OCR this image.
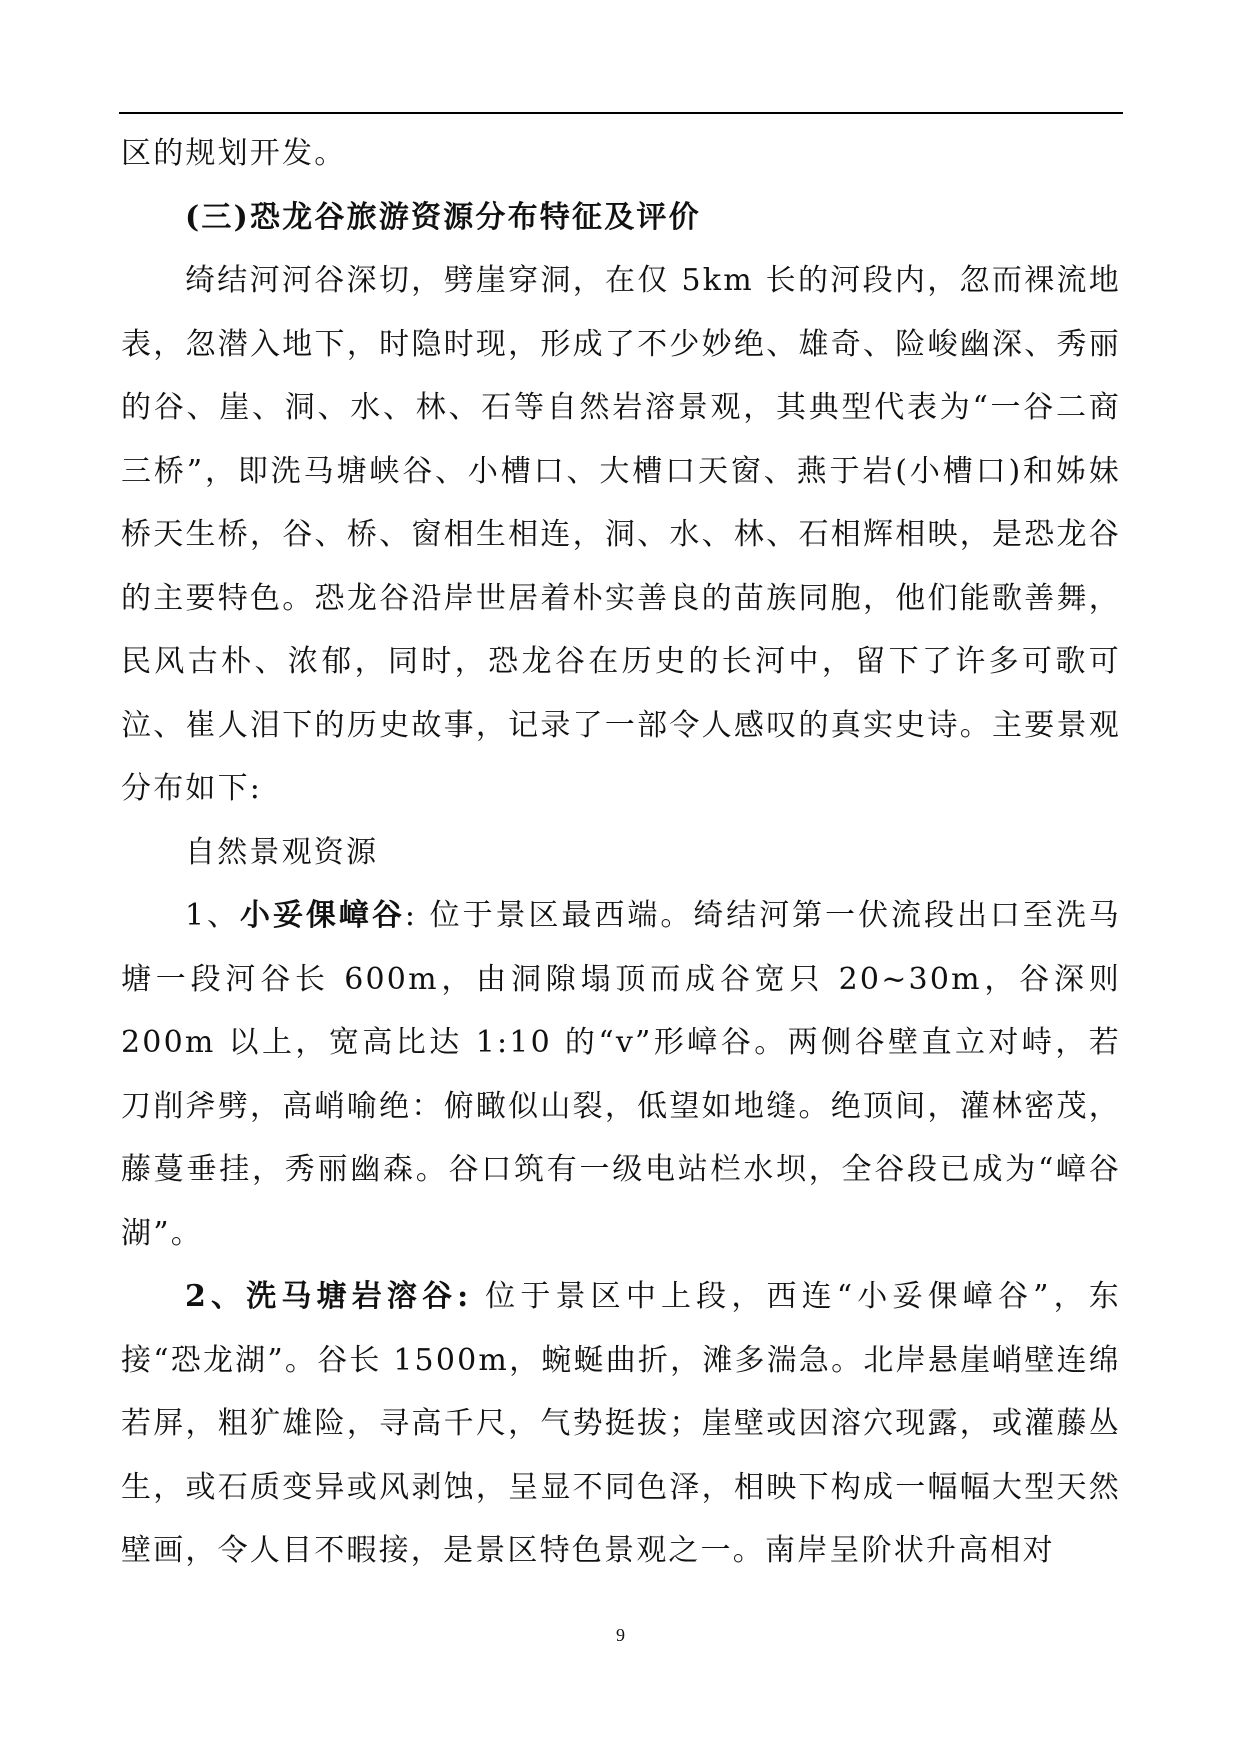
区的规划开发。

(三)恐龙谷旅游资源分布特征及评价

绮结河河谷深切，劈崖穿洞，在仅 5km 长的河段内，忽而裸流地表，忽潜入地下，时隐时现，形成了不少妙绝、雄奇、险峻幽深、秀丽的谷、崖、洞、水、林、石等自然岩溶景观，其典型代表为“一谷二商三桥”，即洗马塘峡谷、小槽口、大槽口天窗、燕于岩(小槽口)和姊妹桥天生桥，谷、桥、窗相生相连，洞、水、林、石相辉相映，是恐龙谷的主要特色。恐龙谷沿岸世居着朴实善良的苗族同胞，他们能歌善舞，民风古朴、浓郁，同时，恐龙谷在历史的长河中，留下了许多可歌可泣、崔人泪下的历史故事，记录了一部令人感叹的真实史诗。主要景观分布如下:

自然景观资源

1、小妥倮嶂谷: 位于景区最西端。绮结河第一伏流段出口至洗马塘一段河谷长 600m，由洞隙塌顶而成谷宽只 20~30m，谷深则 200m 以上，宽高比达 1:10 的“v”形嶂谷。两侧谷壁直立对峙，若刀削斧劈，高峭喻绝：俯瞰似山裂，低望如地缝。绝顶间，灌林密茂，藤蔓垂挂，秀丽幽森。谷口筑有一级电站栏水坝，全谷段已成为“嶂谷湖”。

2、洗马塘岩溶谷: 位于景区中上段，西连“小妥倮嶂谷”，东接“恐龙湖”。谷长 1500m，蜿蜒曲折，滩多湍急。北岸悬崖峭壁连绵若屏，粗犷雄险，寻高千尺，气势挺拔；崖壁或因溶穴现露，或灌藤丛生，或石质变异或风剥蚀，呈显不同色泽，相映下构成一幅幅大型天然壁画，令人目不暇接，是景区特色景观之一。南岸呈阶状升高相对

9
